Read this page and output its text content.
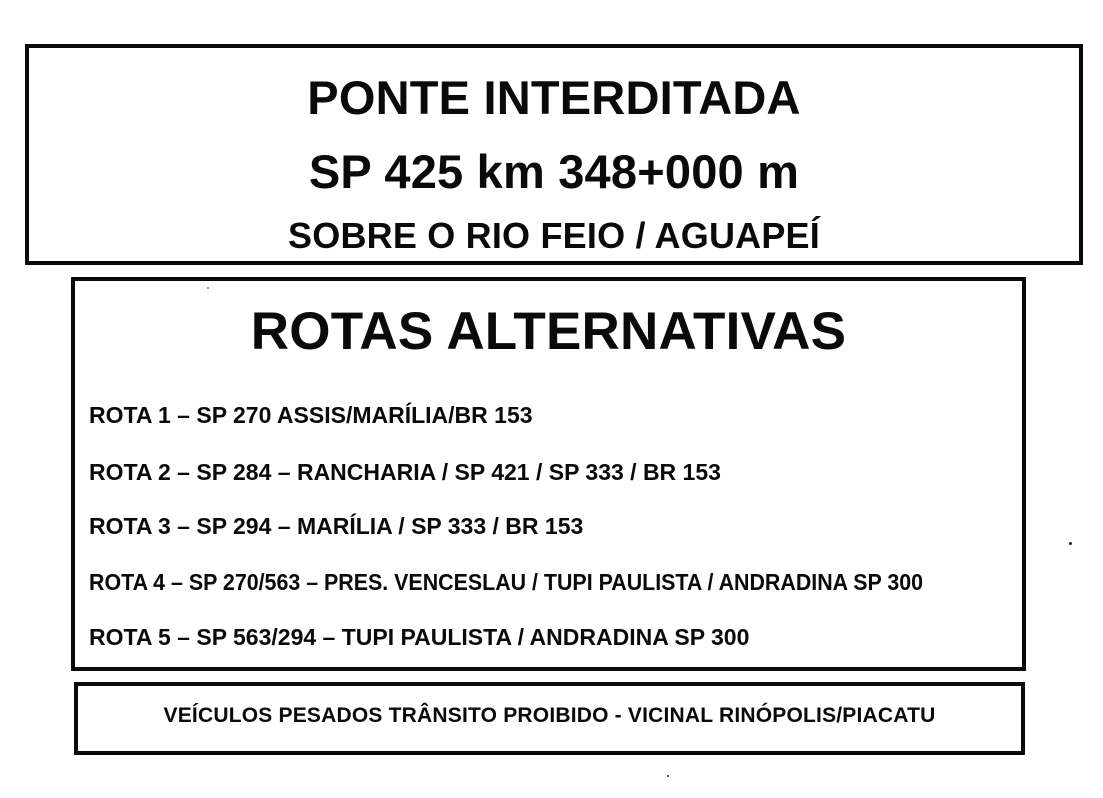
PONTE INTERDITADA
SP 425 km 348+000 m
SOBRE O RIO FEIO / AGUAPEÍ
ROTAS ALTERNATIVAS
ROTA 1 – SP 270 ASSIS/MARÍLIA/BR 153
ROTA 2 – SP 284 – RANCHARIA / SP 421 / SP 333 / BR 153
ROTA 3 – SP 294 – MARÍLIA / SP 333 / BR 153
ROTA 4 – SP 270/563 – PRES. VENCESLAU / TUPI PAULISTA / ANDRADINA SP 300
ROTA 5 – SP 563/294 – TUPI PAULISTA / ANDRADINA SP 300
VEÍCULOS PESADOS TRÂNSITO PROIBIDO - VICINAL RINÓPOLIS/PIACATU
